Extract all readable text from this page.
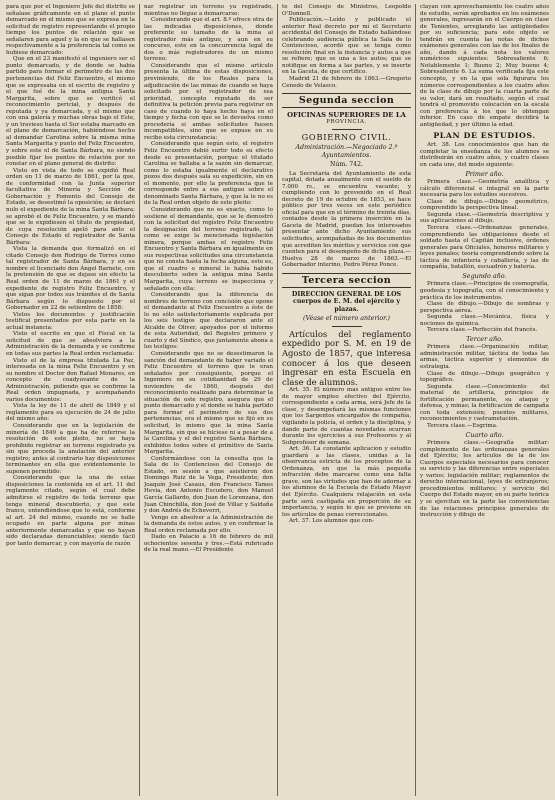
para que por el Ingeniero Jefe del distrito se señalase gráficamente en el plano el punto demarcado en el mismo que se expresa en la solicitud de registro representando el propio tiempo los puntos de relación que se señalaren para aquel y la en que se hallasen respectivamente a la preferencia tal como se hubiese demarcado:

Que en el 23 manifestó el ingeniero ser el punto demarcado, y de donde se había partido para formar el perímetro de las dos pertenencias del Feliz Encuentro, el mismo que se expresaba en el escrito de registro y el que fué de la mina antigua Santa Margarita, sobre que se verificó el reconocimiento pericial, y después de reputada y ya demarcada, y el mismo que con una galería y muchas obras bajo el Este, y un travieso hasta el Sur estaba marcado en el plano de demarcación, habiéndose hecho al demandar Carolina sobre la misma mina Santa Margarita y punto del Feliz Encuentro, y sobre este el de Santa Bárbara, no siendo posible fijar los puntos de relación por no constar en el plano general de distrito:

Visto en vista de todo se expidió Real orden en 11 de marzo de 1861, por la que, de conformidad con la Junta superior facultativa de Minería y Sección de Gobernación y Fomento del Consejo de Estado, se desestimó la oposición; se declaró nulo el expediente de la mina Santa Bárbara; se aprobó el de Feliz Encuentro, y se mandó que se le expidiesen el título de propiedad, de cuya resolución apeló para ante el Consejo de Estado el registrador de Santa Bárbara:

Vista la demanda que formalizó en el citado Consejo don Rodrigo de Torres como tal registrador de Santa Bárbara, y en su nombre el licenciado don Ángel Barnete, con la pretensión de que se dejase sin efecto la Real orden de 11 de marzo de 1861 y el expediente de registro Feliz Encuentro, y que sigan por todos sus trámites el de Santa Bárbara según lo dispuesto por el Gobernador en 22 de setiembre de 1858:

Vistos los documentos y justificación testifical presentados por esta parte en la actual instancia:

Visto el escrito en que el Fiscal en la solicitud de que se absolviera a la Administración de la demanda y se confirme en todas sus partes la Real orden reclamada:

Visto el de la empresa titulada La Paz, interesada en la mina Feliz Encuentro y en su nombre el Doctor don Rafael Monares, en concepto de coadyuvante de la Administración, pidiendo que se confirme la Real orden impugnada, y acompañando varios documentos:

Vista la ley de 11 de abril de 1849 y el reglamento para su ejecución de 24 de julio del mismo año:

Considerando que en la legislación de minería de 1849 a que ha de referirse la resolución de este pleito, no se haya prohibido registrar en terreno registrado ya sin que proceda la anulación del anterior registro; antes al contrario hay disposiciones terminantes en ella que evidentemente lo suponen permitido:

Considerando que la una de estas disposiciones la contenida en el art. 11 del reglamento citado, según el cual debe admitirse el registro de toda terreno que tenga mineral descubierto, y que este franco, entendiéndose que lo está, conforme al art. 24 del mismo, cuando no se halle ocupado en parte alguna por minas anteriormente demarcadas y que no hayan sido declaradas denunciables; siendo fácil por tanto demarcar, y con mayoría de razón

nar registrar un terreno ya registrado, mientras no llegue a demarcarse:

Considerando que el art. 8.º ofrece otra de las indicadas disposiciones, donde preferente su tamaño de la mina al registrador más antiguo, y aun en su concurso, este en la concurrencia legal de dos o más registradores de un mismo terreno:

Considerando que el mismo artículo presenta la última de estas disposiciones, previniendo, de los Reales para la adjudicación de las minas de cuando se haya solicitado por el registrador de esa prioridad, concepto reputado de ser definitiva la petición previa para registrar en caso de cuando lo haya hecho haya en el tiempo y fecha con que se le devuelva como procedería si ambas solicitudes fuesen incompatibles, sino que se expuse en su recibo esta circunstancia:

Considerando que según esto, el registro Feliz Encuentro debió surtir todo su efecto desde su presentación, porque el titulado Carolina se hallaba a la sazón sin demarcar, como lo estaba igualmente el declarativo pozos dos después sala su expedición, sin en el momento, por ello la preferencia que le corresponde entre a sus antiguo sobre el denominado Santa Bárbara, y que la le no es de la Real orden objeto de este pleito:

Considerando que no es exacto, como lo sostiene el demandante, que se le demostró con la solicitud del registro Feliz Encuentro la designación del terreno registrado, tal como se exige la mencionada legislación minera, porque ambas el registro Feliz Encuentro y Santa Bárbara en igualmente en sus respectivas solicitudes una circunstancia que no consta hasta la fecha alguna, esto es, que el cuadro o mineral le había habido descubierto sobre la antigua mina Santa Margarita, cuya terreno se inspecciona y señalado con ella:

Considerando que la diferencia de nombres de terreno con concisión que opone el demandante al Feliz Encuentro a éste de lo no sólo satisfactoriamente explicada por los seis testigos que declararon ante el Alcalde de Oliver, apoyados por el informe de esta Autoridad, del Registro primero y cuarto y del Síndico, que juntamente abona a los testigos:

Considerando que no se desestimaron la sanción del demandante de haber variado el Feliz Encuentro el terreno que le eran señalados por consiguiente, porque el Ingeniero en su cotidianidad de 29 de noviembre de 1860, después del reconocimiento realizado para determinar la situación de este registro, asegura que el punto demarcado y el donde se había partido para formar el perímetro de sus dos pertenencias, era el mismo que se fijó en su solicitud, lo mismo que la mina Santa Margarita, sin que se hiciese ni a pesar de a la Carolina y el del registro Santa Bárbara, exhibidos todos sobre el primitivo de Santa Margarita.

Conformándose con la consulta que la Sala de lo Contencioso del Consejo de Estado, en sesión a que asistieron don Domingo Ruiz de la Vega, Presidente; don Joaquín José Casaus, don Francisco Tames Hevia, don Antonio Escudero, don Manuel García Gallardo, don Juan de Lorenzana, don Juan Chinchilla, don José de Villar y Saldaña y don Andrés de Echeverri,

Vengo en absolver a la Administración de la demanda de estos autos, y en confirmar la Real orden reclamada por ello.

Dado en Palacio a 16 de febrero de mil ochocientos sesenta y tres.—Está rubricado de la real mano.—El Presidente

te del Consejo de Ministros, Leopoldo O'Donnell.

Publicación.—Leído y publicado el anterior Real decreto por mí el Secretario accidental del Consejo de Estado hallándose celebrando audiencia pública la Sala de lo Contencioso, acordó que se tenga como resolución final en la instancia y autos a que se refiere; que se una a los autos; que se notifique en forma a las partes, y se inserte en la Gaceta, de que certifico.

Madrid 21 de febrero de 1863.—Gregorio Cenedo de Velasco.

Segunda seccion
OFICINAS SUPERIORES DE LA
PROVINCIA.
GOBIERNO CIVIL.
Administración.—Negociado 2.º Ayuntamientos.
Núm. 742.

La Secretaría del Ayuntamiento de esta capital, dotada anualmente con el sueldo de 7.000 rs., se encuentra vacante; y cumpliendo con lo prevenido en el Real decreto de 19 de octubre de 1853, se hace público por tres veces en este periódico oficial para que en el término de treinta días, contados desde la primera inserción en la Gaceta de Madrid, puedan los interesados presentar ante dicho Ayuntamiento sus solicitudes, acompañadas de los documentos que acrediten los méritos y servicios con que cuenten para el desempeño de dicha plaza.—Huelva 28 de marzo de 1863.—El Gobernador interino, Pedro Pérez Ponce.

Tercera seccion
DIRECCION GENERAL DE LOS
cuerpos de E. M. del ejército y plazas.
(Véase el número anterior.)

Artículos del reglamento expedido por S. M. en 19 de Agosto de 1857, que interesa conocer á los que deseen ingresar en esta Escuela en clase de alumnos.

Art. 35. El número mas antiguo entre los de mayor empleo efectivo del Ejército, correspondiente a cada arma, será Jefe de la clase, y desempeñará las mismas funciones que los Sargentos encargados de compañía, vigilando la policía, el orden y la disciplina, y dando parte de cuantas novedades ocurran durante los ejercicios á sus Profesores y al Subprofesor de semana.

Art. 36. La constante aplicacion y estudio guardará a las clases, unidas a la observancia estricta de los preceptos de la Ordenanza, en que la más pequeña infracción debe marcarse como una falta grave, son las virtudes que han de adornar a los alumnos de la Escuela de Estado Mayor del Ejército. Cualquiera relajación en esta parte será castigada en proporción de su importancia, y según lo que se previene en los artículos de penas correccionales.

Art. 37. Los alumnos que con-

clayan con aprovechamiento los cuatro años de estudio, serán aprobados en los exámenes generales, ingresarán en el Cuerpo en clase de Tenientes, arreglando las antigüedades por su suficiencia; para este objeto se tendrán en cuenta las notas de dichos exámenes generales con las de los finales de año, dando á cada nota los valores numéricos siguientes: Sobresaliente 6; Notablemente 1; Bueno 2; Muy bueno 4; Sobresaliente 6. La suma verificada fija este concepto, y en la que sola figurara los números correspondientes a los cuatro años de la clase de dibujo por la cuarta parte de su valor, dará un resultado, según el cual tendrá el promovido colocación en la escala con preferencia à los que lo obtengan inferior. En caso de empate decidirá la antigüedad, y por último la edad.

PLAN DE ESTUDIOS.

Art. 38. Los conocimientos que han de completar la enseñanza de los alumnos se distribuirán en cuatro años, y cuatro clases en cada uno, del modo siguiente:

Primer año.

Primera clase.—Geometría analítica y cálculo diferencial e integral en la parte necesaria para los estudios sucesivos.

Clase de dibujo.—Dibujo geométrico, comprendido la perspectiva lineal.

Segunda clase.—Geometría descriptiva y sus aplicaciones al dibujo.

Tercera clase.—Ordenanzas generales, comprendiendo las obligaciones desde el soldado hasta el Capitán inclusive, órdenes generales para Oficiales, honores militares y leyes penales; teoría comprendiendo sobre la táctica de infantería y caballería, y las de compañía, batallón, escuadrón y batería.

Segundo año.

Primera clase.—Principios de cosmografía, geodesia y topografía, con el conocimiento y práctica de los instrumentos.

Clase de dibujo.—Dibujo de sombras y perspectiva aérea.

Segunda clase.—Mecánica, física y nociones de química.

Tercera clase.—Perfección del francés.

Tercer año.

Primera clase.—Organización militar, administración militar, táctica de todas las armas, táctica superior y elementos de estrategia.

Clase de dibujo.—Dibujo geográfico y topográfico.

Segunda clase.—Conocimiento del material de artillería, principios de fortificación permanente, su ataque y defensa, y minas; la fortificación de campaña con toda extensión; puentes militares, reconocimientos y castrametación.

Tercera clase.—Esgrima.

Cuarto año.

Primera clase.—Geografía militar: complemento de las ordenanzas generales del Ejército; los artículos de la de los Cuerpos especiales necesarios para conocer su servicio y las diferencias entre especiales y varios; legislación militar; reglamentos de derecho internacional, leyes de extranjeros; procedimientos militares; y servicio del Cuerpo del Estado mayor, en su parte teórica y se ejercitan en la parte las conveniencias de las relaciones principios generales de instrucción y dibujo de
